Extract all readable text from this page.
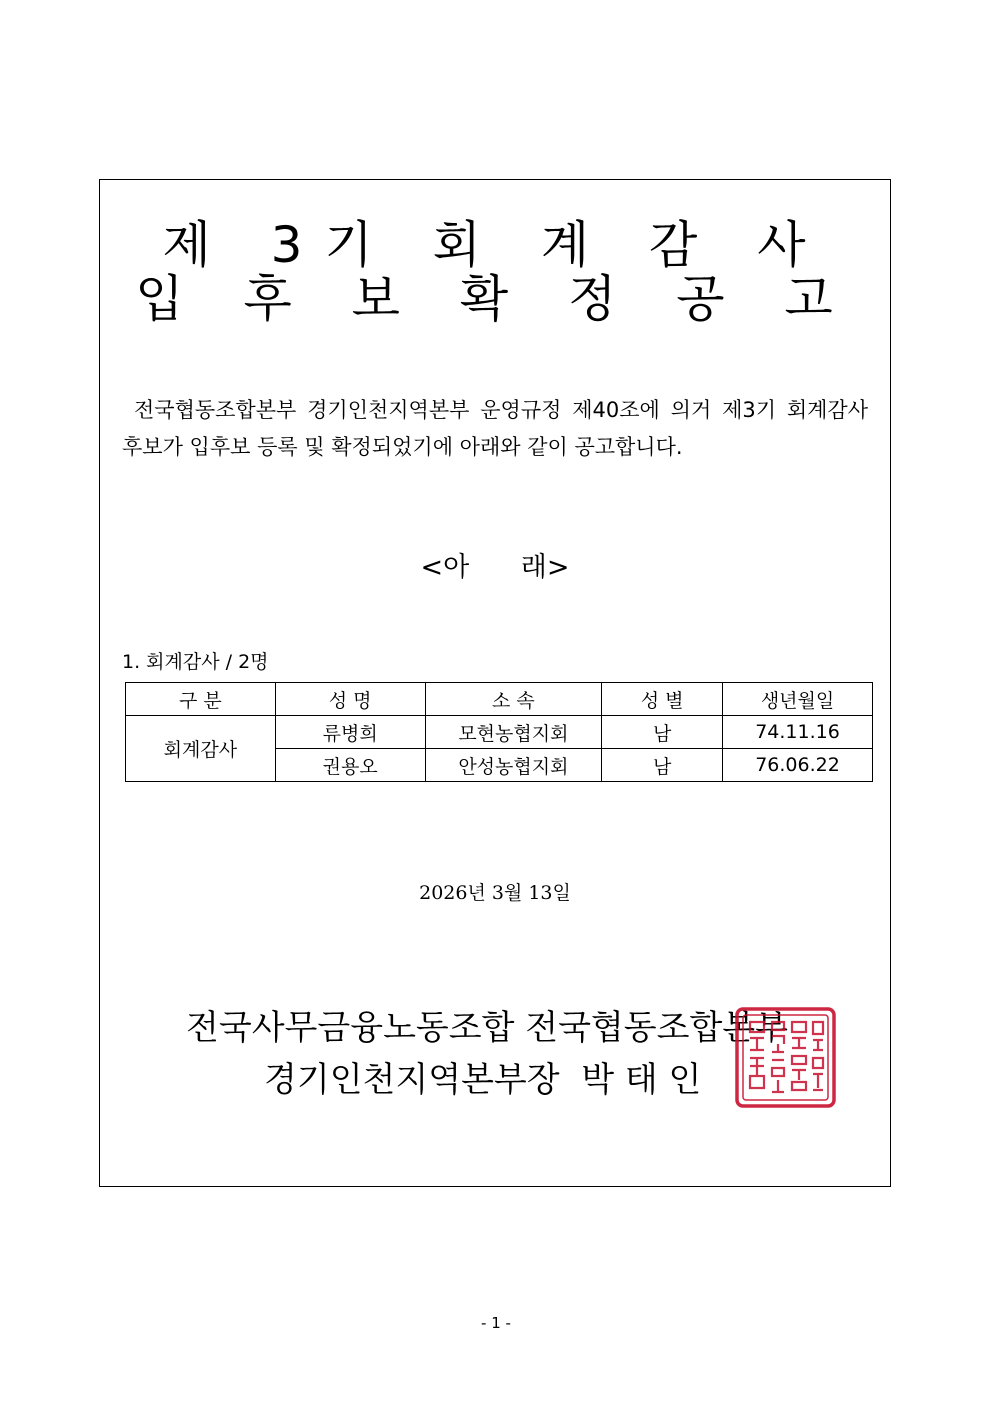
제 3기 회 계 감 사
입 후 보 확 정 공 고
전국협동조합본부 경기인천지역본부 운영규정 제40조에 의거 제3기 회계감사 후보가 입후보 등록 및 확정되었기에 아래와 같이 공고합니다.
<아      래>
1. 회계감사 / 2명
구 분	성 명	소 속	성 별	생년월일
회계감사	류병희	모현농협지회	남	74.11.16
	권용오	안성농협지회	남	76.06.22
2026년 3월 13일
전국사무금융노동조합 전국협동조합본부
경기인천지역본부장  박 태 인
- 1 -
